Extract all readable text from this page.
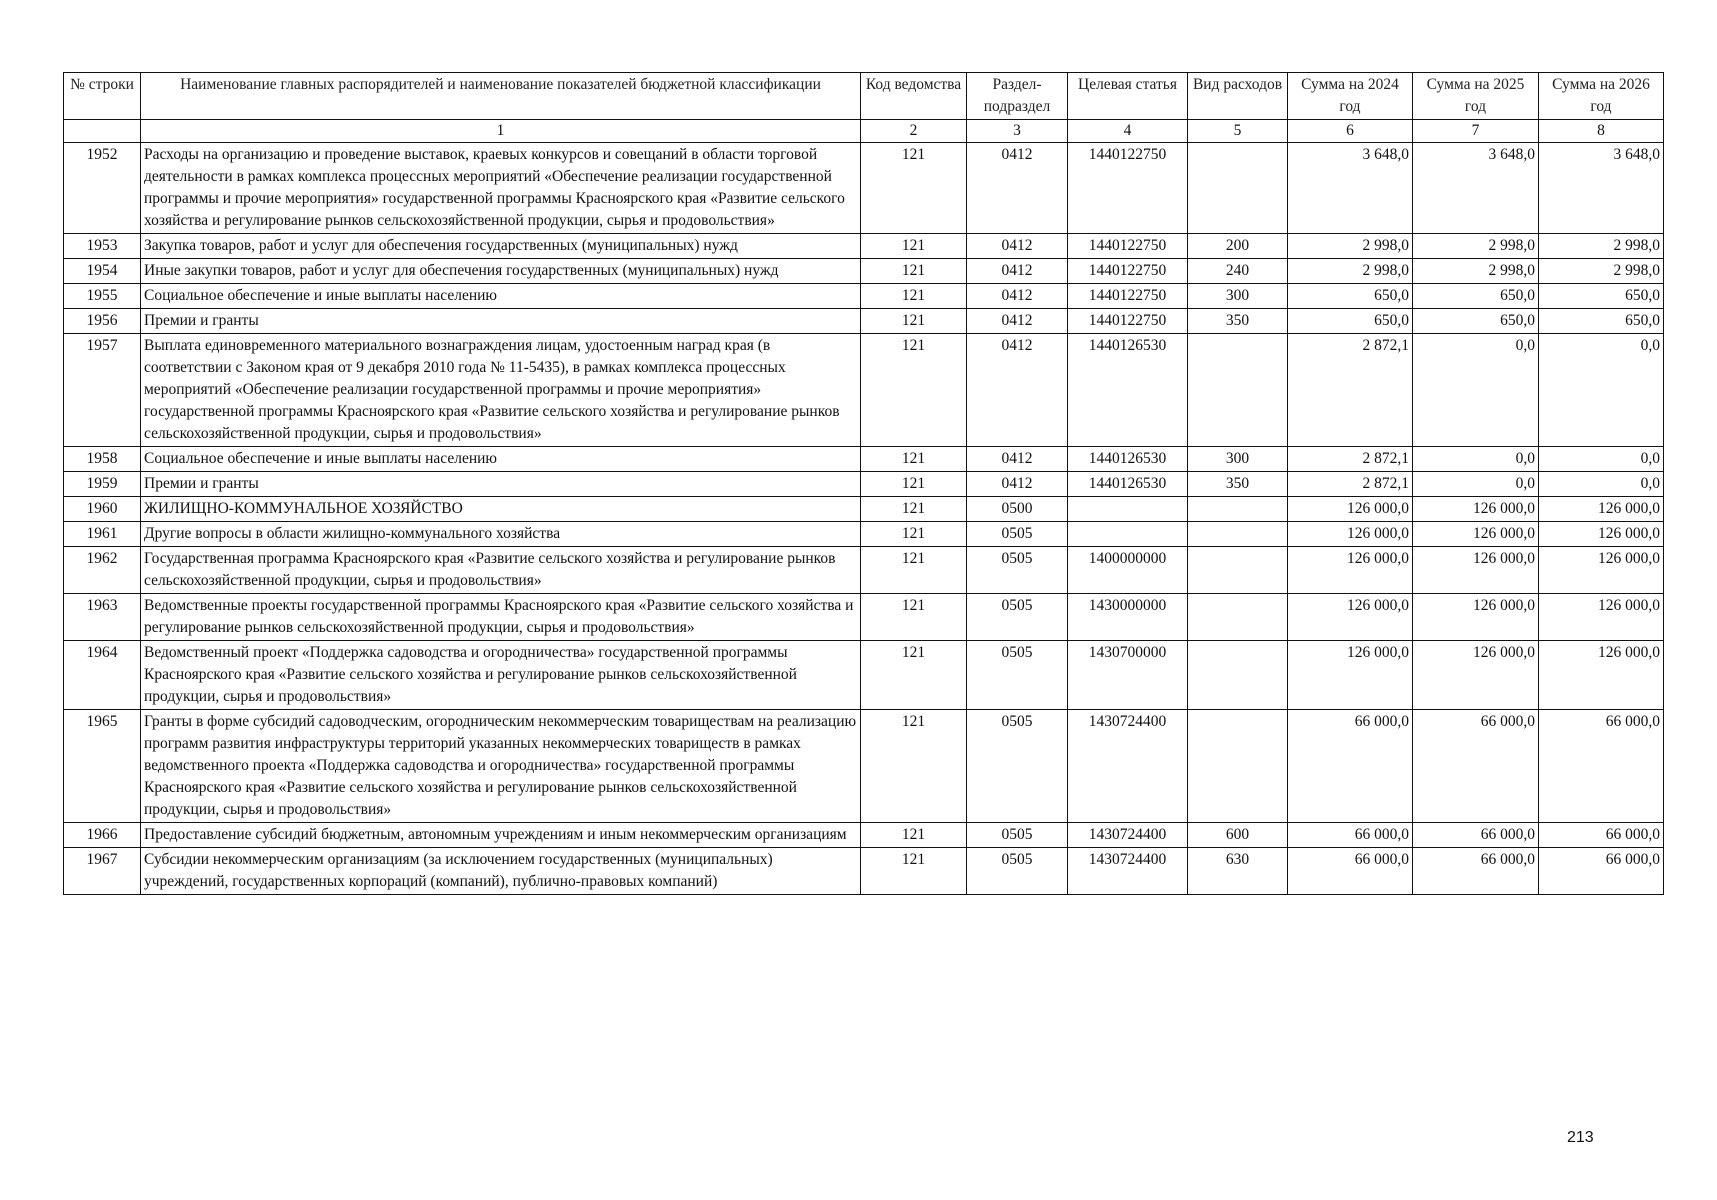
№ строки	Наименование главных распорядителей и наименование показателей бюджетной классификации	Код ведомства	Раздел-подраздел	Целевая статья	Вид расходов	Сумма на 2024 год	Сумма на 2025 год	Сумма на 2026 год
	1	2	3	4	5	6	7	8
1952	Расходы на организацию и проведение выставок, краевых конкурсов и совещаний в области торговой деятельности в рамках комплекса процессных мероприятий «Обеспечение реализации государственной программы и прочие мероприятия» государственной программы Красноярского края «Развитие сельского хозяйства и регулирование рынков сельскохозяйственной продукции, сырья и продовольствия»	121	0412	1440122750		3 648,0	3 648,0	3 648,0
1953	Закупка товаров, работ и услуг для обеспечения государственных (муниципальных) нужд	121	0412	1440122750	200	2 998,0	2 998,0	2 998,0
1954	Иные закупки товаров, работ и услуг для обеспечения государственных (муниципальных) нужд	121	0412	1440122750	240	2 998,0	2 998,0	2 998,0
1955	Социальное обеспечение и иные выплаты населению	121	0412	1440122750	300	650,0	650,0	650,0
1956	Премии и гранты	121	0412	1440122750	350	650,0	650,0	650,0
1957	Выплата единовременного материального вознаграждения лицам, удостоенным наград края (в соответствии с Законом края от 9 декабря 2010 года № 11-5435), в рамках комплекса процессных мероприятий «Обеспечение реализации государственной программы и прочие мероприятия» государственной программы Красноярского края «Развитие сельского хозяйства и регулирование рынков сельскохозяйственной продукции, сырья и продовольствия»	121	0412	1440126530		2 872,1	0,0	0,0
1958	Социальное обеспечение и иные выплаты населению	121	0412	1440126530	300	2 872,1	0,0	0,0
1959	Премии и гранты	121	0412	1440126530	350	2 872,1	0,0	0,0
1960	ЖИЛИЩНО-КОММУНАЛЬНОЕ ХОЗЯЙСТВО	121	0500			126 000,0	126 000,0	126 000,0
1961	Другие вопросы в области жилищно-коммунального хозяйства	121	0505			126 000,0	126 000,0	126 000,0
1962	Государственная программа Красноярского края «Развитие сельского хозяйства и регулирование рынков сельскохозяйственной продукции, сырья и продовольствия»	121	0505	1400000000		126 000,0	126 000,0	126 000,0
1963	Ведомственные проекты государственной программы Красноярского края «Развитие сельского хозяйства и регулирование рынков сельскохозяйственной продукции, сырья и продовольствия»	121	0505	1430000000		126 000,0	126 000,0	126 000,0
1964	Ведомственный проект «Поддержка садоводства и огородничества» государственной программы Красноярского края «Развитие сельского хозяйства и регулирование рынков сельскохозяйственной продукции, сырья и продовольствия»	121	0505	1430700000		126 000,0	126 000,0	126 000,0
1965	Гранты в форме субсидий садоводческим, огородническим некоммерческим товариществам на реализацию программ развития инфраструктуры территорий указанных некоммерческих товариществ в рамках ведомственного проекта «Поддержка садоводства и огородничества» государственной программы Красноярского края «Развитие сельского хозяйства и регулирование рынков сельскохозяйственной продукции, сырья и продовольствия»	121	0505	1430724400		66 000,0	66 000,0	66 000,0
1966	Предоставление субсидий бюджетным, автономным учреждениям и иным некоммерческим организациям	121	0505	1430724400	600	66 000,0	66 000,0	66 000,0
1967	Субсидии некоммерческим организациям (за исключением государственных (муниципальных) учреждений, государственных корпораций (компаний), публично-правовых компаний)	121	0505	1430724400	630	66 000,0	66 000,0	66 000,0
213
